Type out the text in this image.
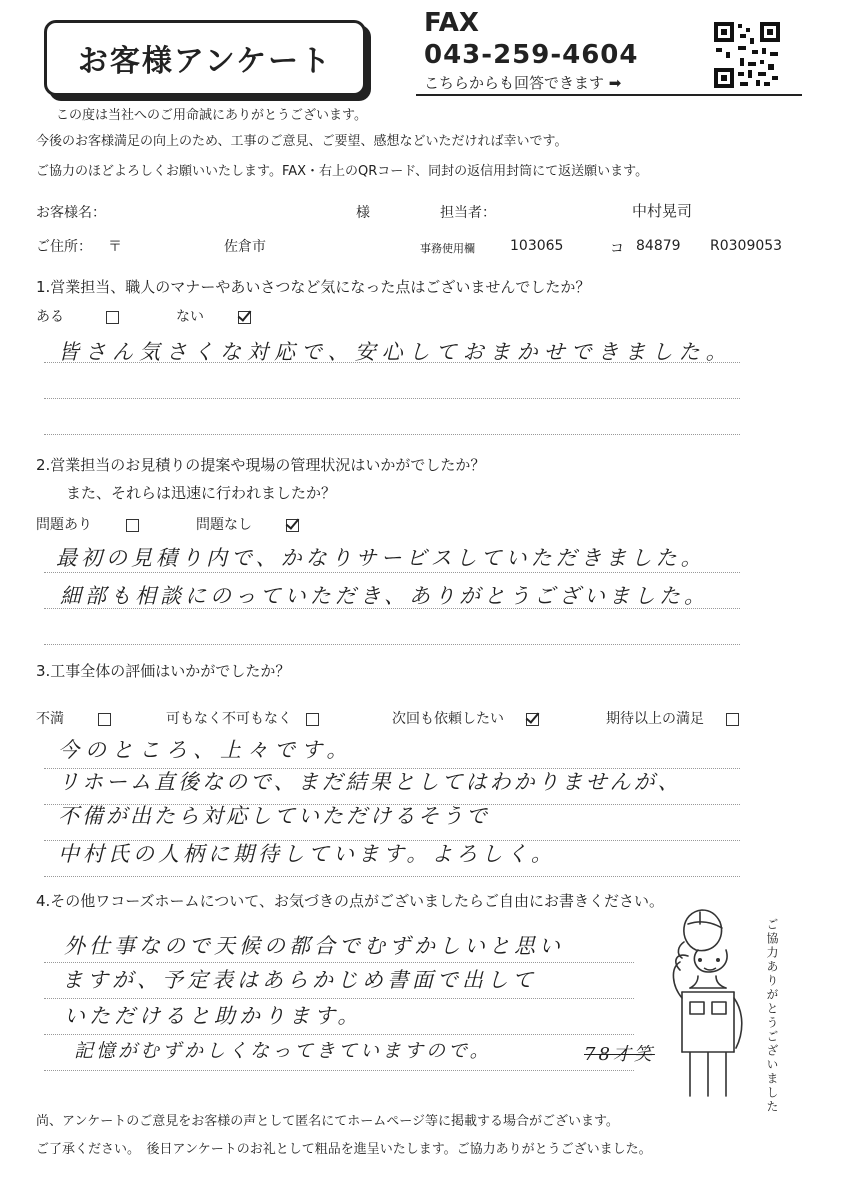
お客様アンケート
FAX
043-259-4604
こちらからも回答できます ➡
この度は当社へのご用命誠にありがとうございます。
今後のお客様満足の向上のため、工事のご意見、ご要望、感想などいただければ幸いです。
ご協力のほどよろしくお願いいたします。FAX・右上のQRコード、同封の返信用封筒にて返送願います。
お客様名：	様	担当者：	中村晃司
ご住所： 〒	佐倉市	事務使用欄	103065	コ 84879 R0309053
1.営業担当、職人のマナーやあいさつなど気になった点はございませんでしたか？
ある	ない
皆さん気さくな対応で、安心しておまかせできました。
2.営業担当のお見積りの提案や現場の管理状況はいかがでしたか？
また、それらは迅速に行われましたか？
問題あり	問題なし
最初の見積り内で、かなりサービスしていただきました。
細部も相談にのっていただき、ありがとうございました。
3.工事全体の評価はいかがでしたか？
不満	可もなく不可もなく	次回も依頼したい	期待以上の満足
今のところ、上々です。
リホーム直後なので、まだ結果としてはわかりませんが、
不備が出たら対応していただけるそうで
中村氏の人柄に期待しています。よろしく。
4.その他ワコーズホームについて、お気づきの点がございましたらご自由にお書きください。
外仕事なので天候の都合でむずかしいと思い
ますが、予定表はあらかじめ書面で出して
いただけると助かります。
記憶がむずかしくなってきていますので。	78才笑	ご協力ありがとうございました
尚、アンケートのご意見をお客様の声として匿名にてホームページ等に掲載する場合がございます。
ご了承ください。　後日アンケートのお礼として粗品を進呈いたします。ご協力ありがとうございました。
